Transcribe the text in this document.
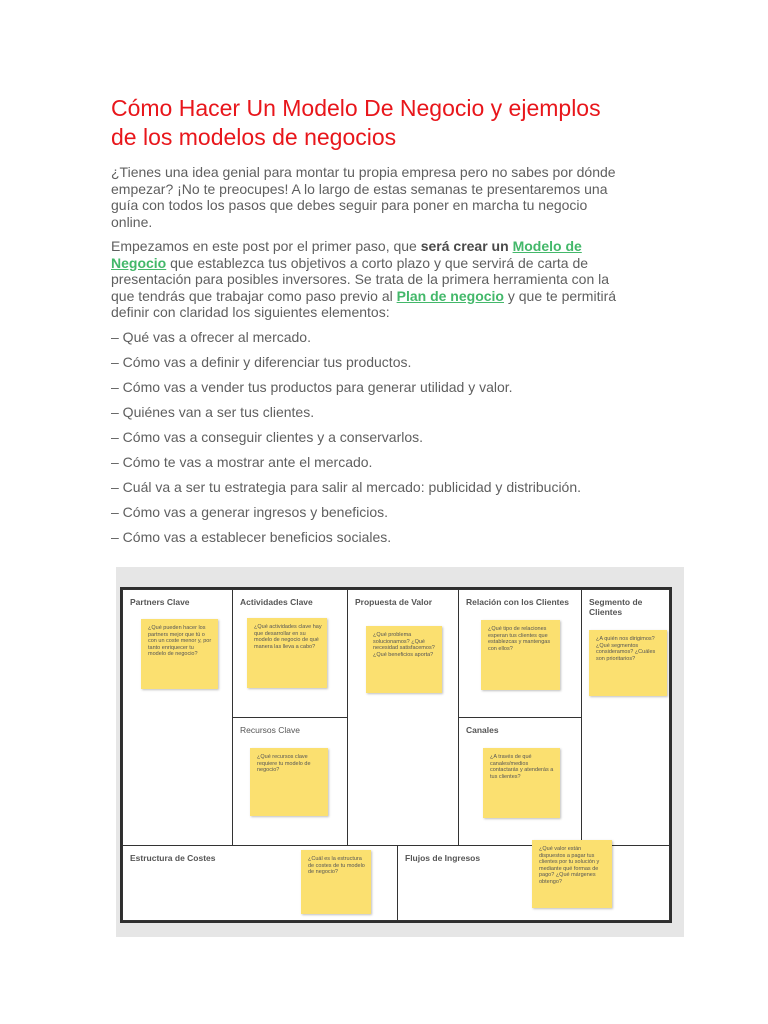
Cómo Hacer Un Modelo De Negocio y ejemplos de los modelos de negocios

¿Tienes una idea genial para montar tu propia empresa pero no sabes por dónde empezar? ¡No te preocupes! A lo largo de estas semanas te presentaremos una guía con todos los pasos que debes seguir para poner en marcha tu negocio online.

Empezamos en este post por el primer paso, que será crear un Modelo de Negocio que establezca tus objetivos a corto plazo y que servirá de carta de presentación para posibles inversores. Se trata de la primera herramienta con la que tendrás que trabajar como paso previo al Plan de negocio y que te permitirá definir con claridad los siguientes elementos:

– Qué vas a ofrecer al mercado.
– Cómo vas a definir y diferenciar tus productos.
– Cómo vas a vender tus productos para generar utilidad y valor.
– Quiénes van a ser tus clientes.
– Cómo vas a conseguir clientes y a conservarlos.
– Cómo te vas a mostrar ante el mercado.
– Cuál va a ser tu estrategia para salir al mercado: publicidad y distribución.
– Cómo vas a generar ingresos y beneficios.
– Cómo vas a establecer beneficios sociales.
Partners Clave
¿Qué pueden hacer los partners mejor que tú o con un coste menor y, por tanto enriquecer tu modelo de negocio?
Actividades Clave
¿Qué actividades clave hay que desarrollar en su modelo de negocio de qué manera las lleva a cabo?
Recursos Clave
¿Qué recursos clave requiere tu modelo de negocio?
Propuesta de Valor
¿Qué problema solucionamos? ¿Qué necesidad satisfacemos? ¿Qué beneficios aporta?
Relación con los Clientes
¿Qué tipo de relaciones esperan tus clientes que establezcas y mantengas con ellos?
Canales
¿A través de qué canales/medios contactarás y atenderás a tus clientes?
Segmento de Clientes
¿A quién nos dirigimos? ¿Qué segmentos consideramos? ¿Cuáles son prioritarios?
Estructura de Costes	¿Cuál es la estructura de costes de tu modelo de negocio?
Flujos de Ingresos
¿Qué valor están dispuestos a pagar tus clientes por tu solución y mediante qué formas de pago? ¿Qué márgenes obtengo?
